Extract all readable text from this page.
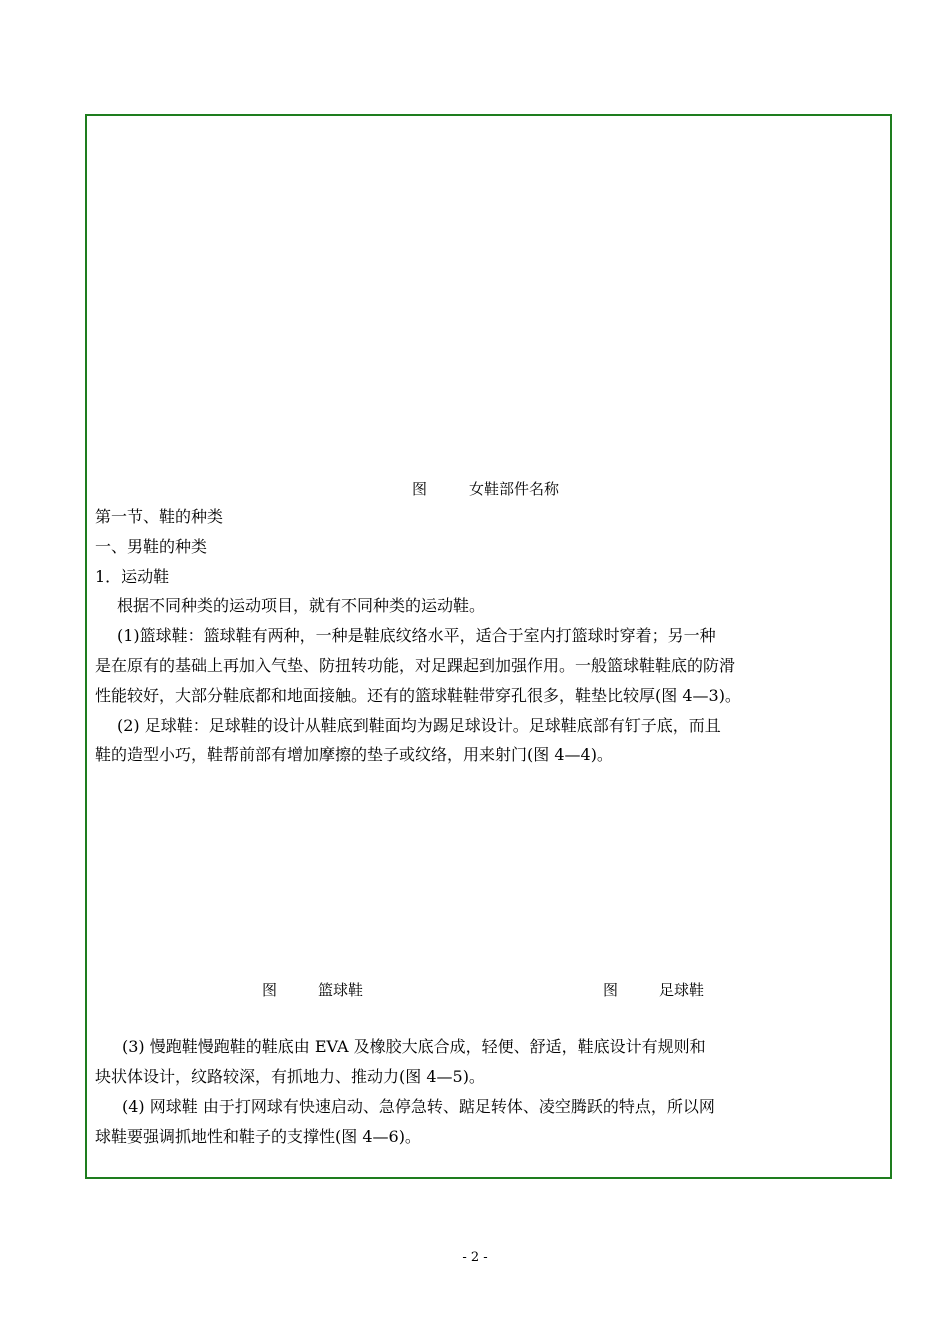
图	女鞋部件名称
第一节、鞋的种类
一、男鞋的种类
1．运动鞋
根据不同种类的运动项目，就有不同种类的运动鞋。
(1)篮球鞋：篮球鞋有两种，一种是鞋底纹络水平，适合于室内打篮球时穿着；另一种
是在原有的基础上再加入气垫、防扭转功能，对足踝起到加强作用。一般篮球鞋鞋底的防滑
性能较好，大部分鞋底都和地面接触。还有的篮球鞋鞋带穿孔很多，鞋垫比较厚(图 4—3)。
(2) 足球鞋：足球鞋的设计从鞋底到鞋面均为踢足球设计。足球鞋底部有钉子底，而且
鞋的造型小巧，鞋帮前部有增加摩擦的垫子或纹络，用来射门(图 4—4)。
图	篮球鞋	图	足球鞋
(3) 慢跑鞋慢跑鞋的鞋底由 EVA 及橡胶大底合成，轻便、舒适，鞋底设计有规则和
块状体设计，纹路较深，有抓地力、推动力(图 4—5)。
(4) 网球鞋 由于打网球有快速启动、急停急转、踮足转体、凌空腾跃的特点，所以网
球鞋要强调抓地性和鞋子的支撑性(图 4—6)。
- 2 -
